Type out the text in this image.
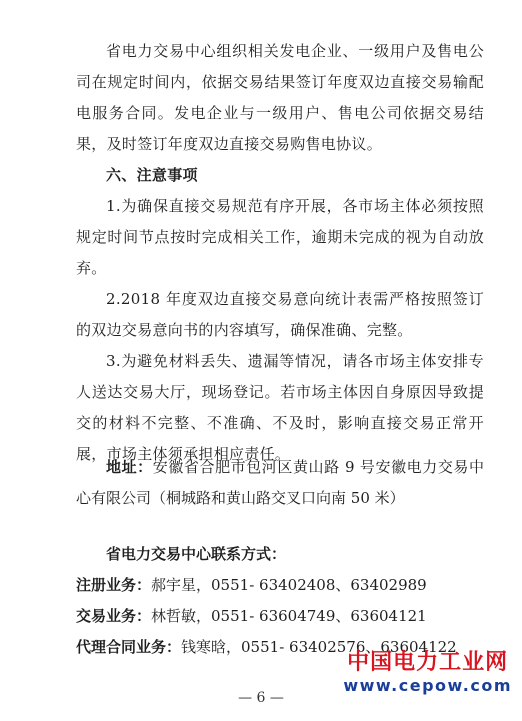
省电力交易中心组织相关发电企业、一级用户及售电公司在规定时间内，依据交易结果签订年度双边直接交易输配电服务合同。发电企业与一级用户、售电公司依据交易结果，及时签订年度双边直接交易购售电协议。

六、注意事项

1.为确保直接交易规范有序开展，各市场主体必须按照规定时间节点按时完成相关工作，逾期未完成的视为自动放弃。

2.2018 年度双边直接交易意向统计表需严格按照签订的双边交易意向书的内容填写，确保准确、完整。

3.为避免材料丢失、遗漏等情况，请各市场主体安排专人送达交易大厅，现场登记。若市场主体因自身原因导致提交的材料不完整、不准确、不及时，影响直接交易正常开展，市场主体须承担相应责任。

地址：安徽省合肥市包河区黄山路 9 号安徽电力交易中心有限公司（桐城路和黄山路交叉口向南 50 米）
省电力交易中心联系方式：
注册业务：郝宇星，0551- 63402408、63402989
交易业务：林哲敏，0551- 63604749、63604121
代理合同业务：钱寒晗，0551- 63402576、63604122
— 6 —
中国电力工业网
www.cepow.com
